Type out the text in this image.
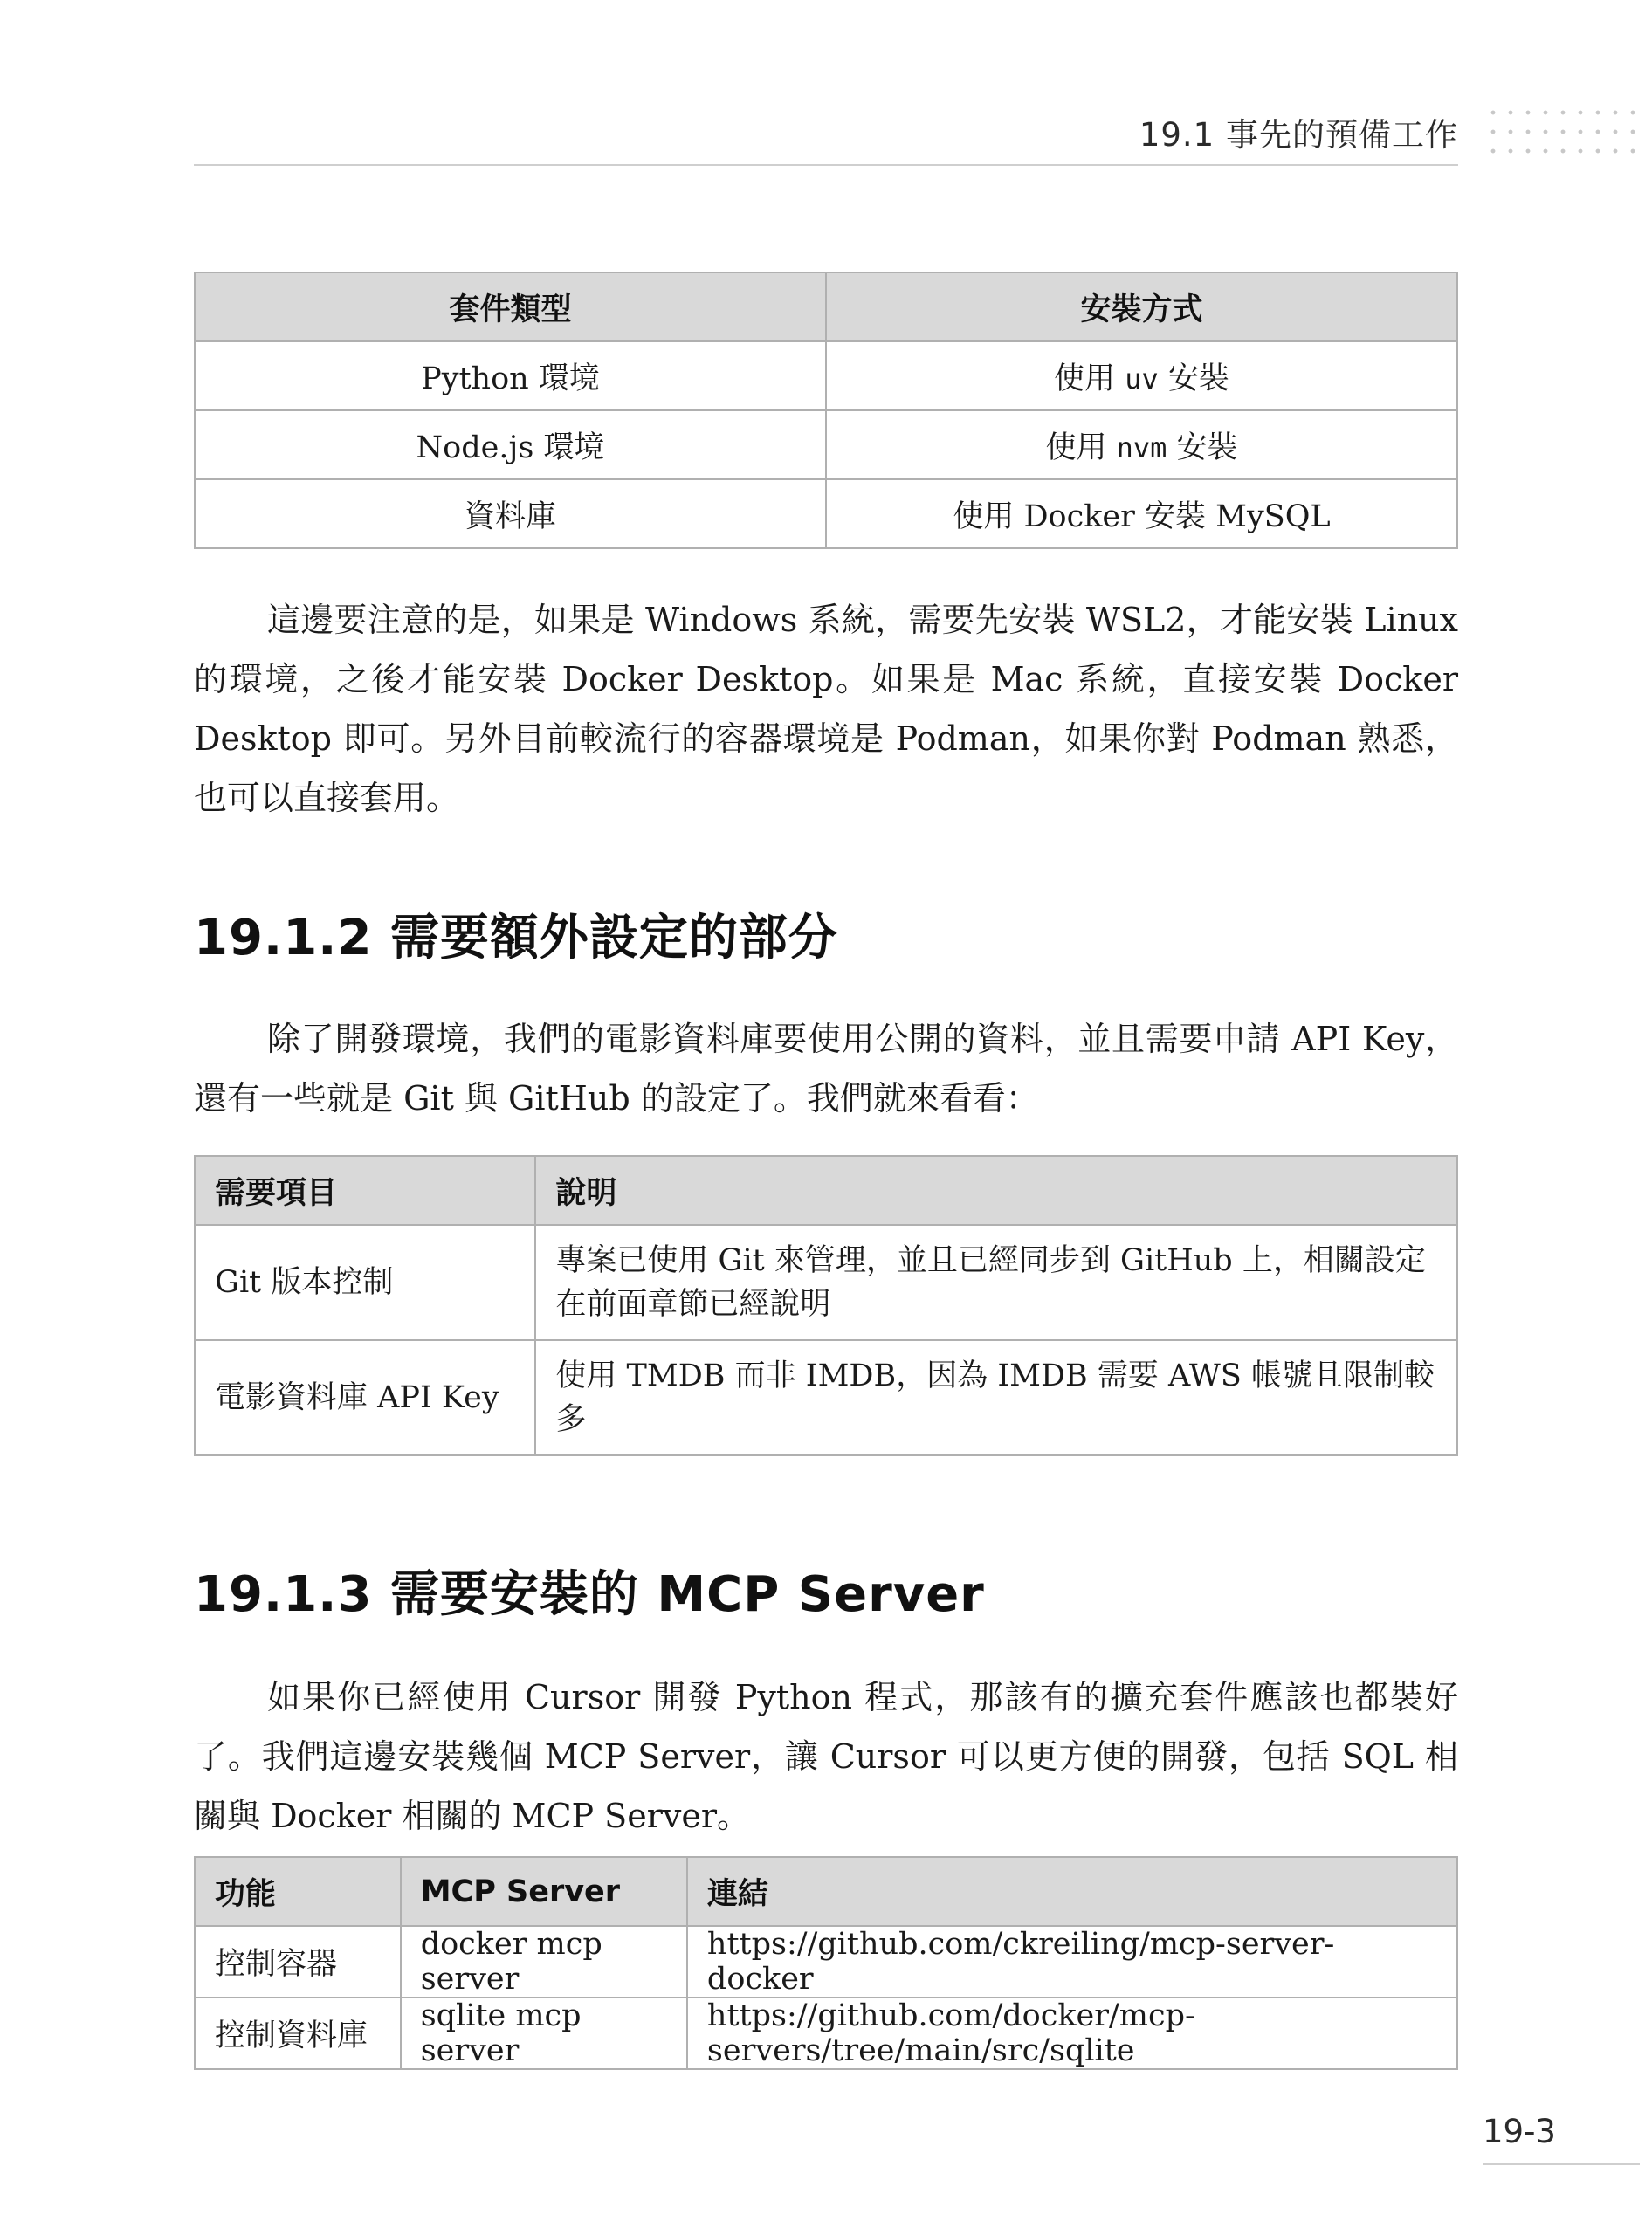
19.1 事先的預備工作
套件類型	安裝方式
Python 環境	使用 uv 安裝
Node.js 環境	使用 nvm 安裝
資料庫	使用 Docker 安裝 MySQL

這邊要注意的是，如果是 Windows 系統，需要先安裝 WSL2，才能安裝 Linux 的環境，之後才能安裝 Docker Desktop。如果是 Mac 系統，直接安裝 Docker Desktop 即可。另外目前較流行的容器環境是 Podman，如果你對 Podman 熟悉，也可以直接套用。

19.1.2 需要額外設定的部分

除了開發環境，我們的電影資料庫要使用公開的資料，並且需要申請 API Key，還有一些就是 Git 與 GitHub 的設定了。我們就來看看：

需要項目	說明
Git 版本控制	專案已使用 Git 來管理，並且已經同步到 GitHub 上，相關設定在前面章節已經說明
電影資料庫 API Key	使用 TMDB 而非 IMDB，因為 IMDB 需要 AWS 帳號且限制較多
19.1.3 需要安裝的 MCP Server

如果你已經使用 Cursor 開發 Python 程式，那該有的擴充套件應該也都裝好了。我們這邊安裝幾個 MCP Server，讓 Cursor 可以更方便的開發，包括 SQL 相關與 Docker 相關的 MCP Server。

功能	MCP Server	連結
控制容器	docker mcp server	https://github.com/ckreiling/mcp-server-docker
控制資料庫	sqlite mcp server	https://github.com/docker/mcp-servers/tree/main/src/sqlite
19-3
